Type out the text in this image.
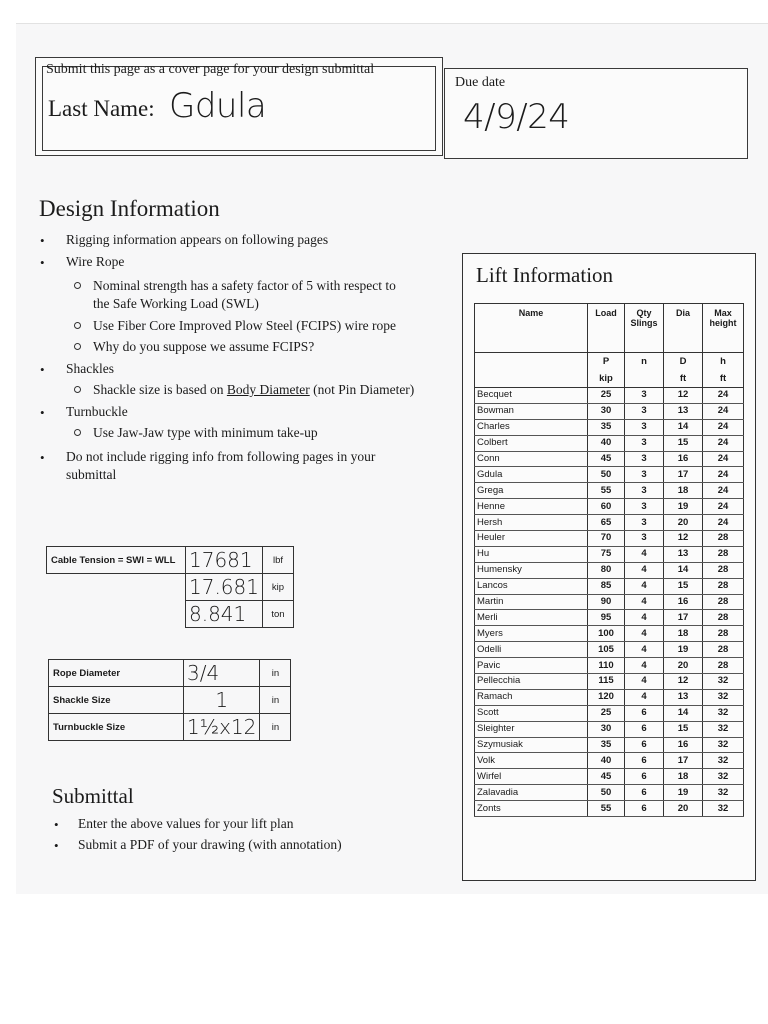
Submit this page as a cover page for your design submittal
Last Name: Gdula
Due date
4/9/24
Design Information
• Rigging information appears on following pages
• Wire Rope
Nominal strength has a safety factor of 5 with respect to
the Safe Working Load (SWL)
Use Fiber Core Improved Plow Steel (FCIPS) wire rope
Why do you suppose we assume FCIPS?
• Shackles
Shackle size is based on Body Diameter (not Pin Diameter)
• Turnbuckle
Use Jaw-Jaw type with minimum take-up
• Do not include rigging info from following pages in your
submittal
Cable Tension = SWl = WLL	17681	lbf
	17.681	kip
	8.841	ton
Rope Diameter	3/4	in
Shackle Size	1	in
Turnbuckle Size	1½x12	in
Submittal
• Enter the above values for your lift plan
• Submit a PDF of your drawing (with annotation)
Lift Information
Name	Load	Qty Slings	Dia	Max height
	P	n	D	h
	kip		ft	ft
Becquet	25	3	12	24
Bowman	30	3	13	24
Charles	35	3	14	24
Colbert	40	3	15	24
Conn	45	3	16	24
Gdula	50	3	17	24
Grega	55	3	18	24
Henne	60	3	19	24
Hersh	65	3	20	24
Heuler	70	3	12	28
Hu	75	4	13	28
Humensky	80	4	14	28
Lancos	85	4	15	28
Martin	90	4	16	28
Merli	95	4	17	28
Myers	100	4	18	28
Odelli	105	4	19	28
Pavic	110	4	20	28
Pellecchia	115	4	12	32
Ramach	120	4	13	32
Scott	25	6	14	32
Sleighter	30	6	15	32
Szymusiak	35	6	16	32
Volk	40	6	17	32
Wirfel	45	6	18	32
Zalavadia	50	6	19	32
Zonts	55	6	20	32
